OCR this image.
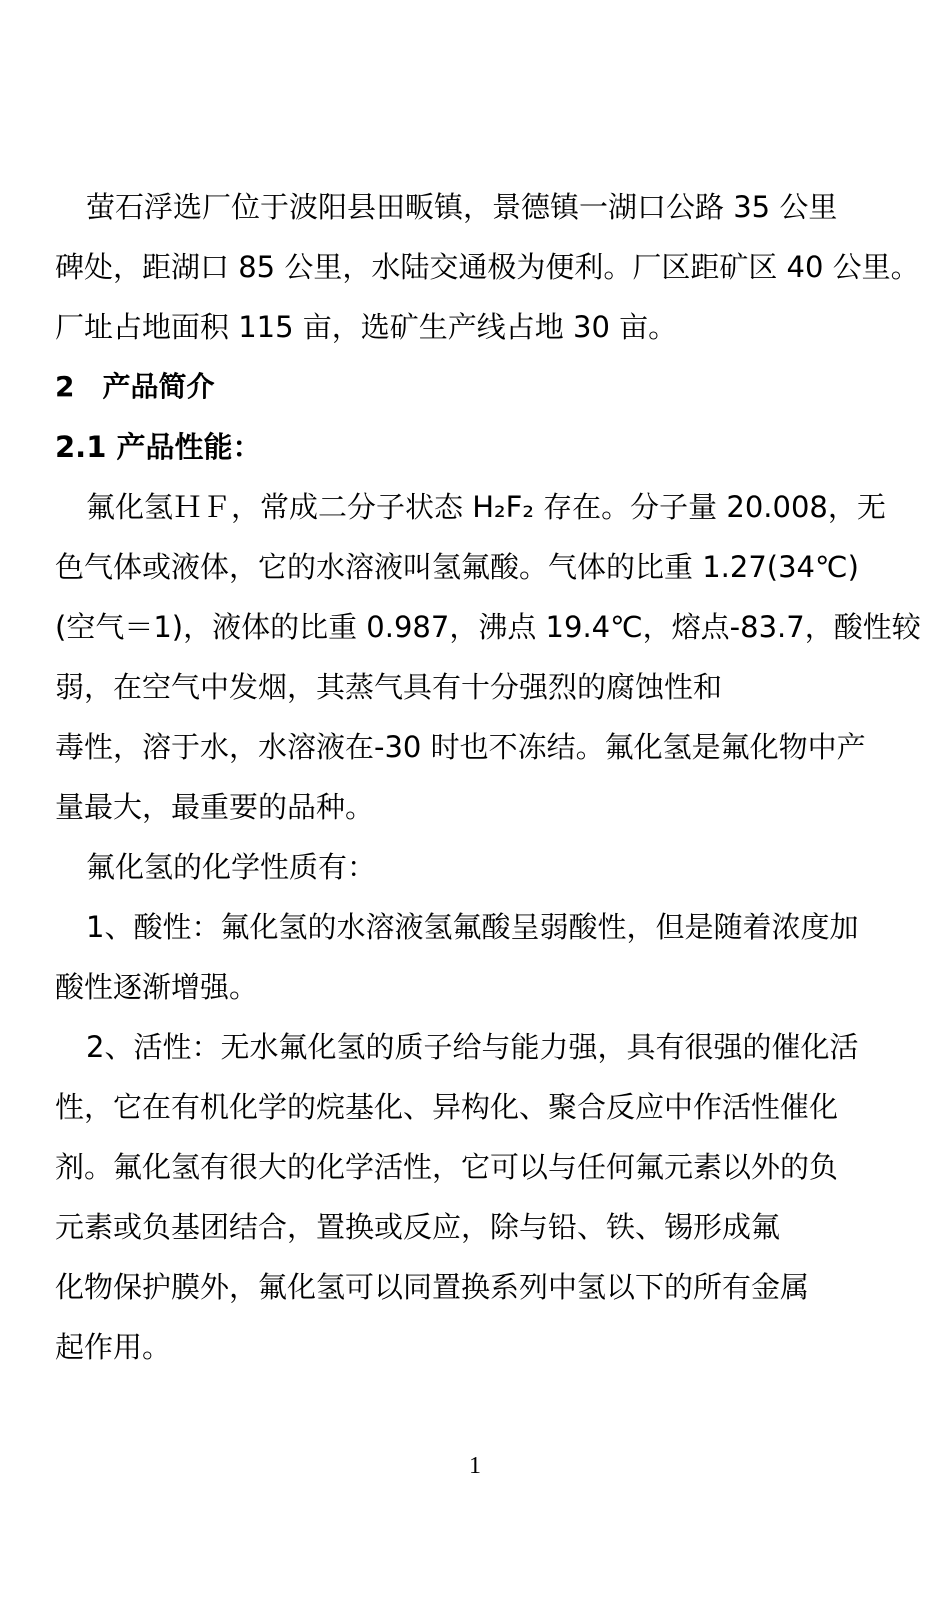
萤石浮选厂位于波阳县田畈镇，景德镇一湖口公路 35 公里
碑处，距湖口 85 公里，水陆交通极为便利。厂区距矿区 40 公里。
厂址占地面积 115 亩，选矿生产线占地 30 亩。

2　产品简介
2.1 产品性能：

氟化氢ＨＦ，常成二分子状态 H₂F₂ 存在。分子量 20.008，无
色气体或液体，它的水溶液叫氢氟酸。气体的比重 1.27(34℃)
(空气＝1)，液体的比重 0.987，沸点 19.4℃，熔点-83.7，酸性较
弱，在空气中发烟，其蒸气具有十分强烈的腐蚀性和
毒性，溶于水，水溶液在-30 时也不冻结。氟化氢是氟化物中产
量最大，最重要的品种。

氟化氢的化学性质有：

1、酸性：氟化氢的水溶液氢氟酸呈弱酸性，但是随着浓度加
酸性逐渐增强。

2、活性：无水氟化氢的质子给与能力强，具有很强的催化活
性，它在有机化学的烷基化、异构化、聚合反应中作活性催化
剂。氟化氢有很大的化学活性，它可以与任何氟元素以外的负
元素或负基团结合，置换或反应，除与铅、铁、锡形成氟
化物保护膜外，氟化氢可以同置换系列中氢以下的所有金属
起作用。

1
